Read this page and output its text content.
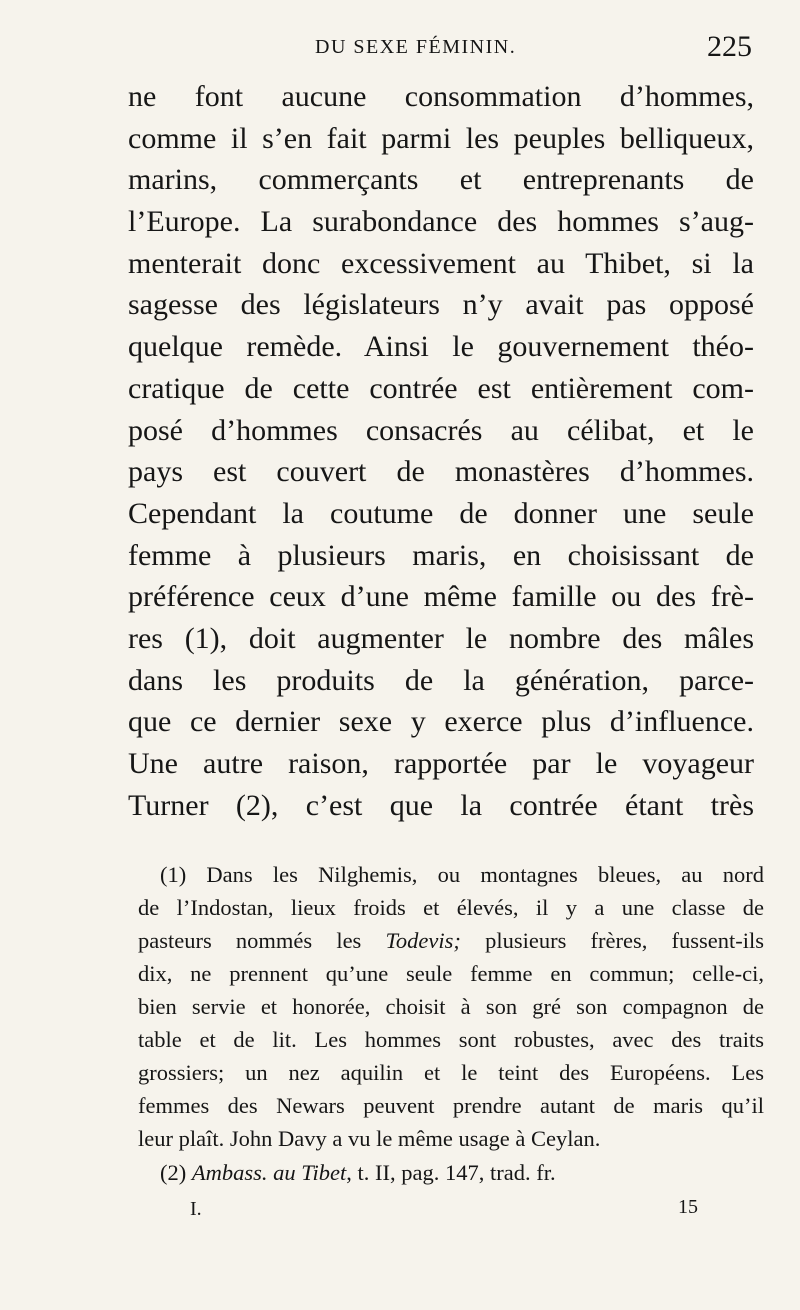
DU SEXE FÉMININ.	225
ne font aucune consommation d’hommes,
comme il s’en fait parmi les peuples belliqueux,
marins, commerçants et entreprenants de
l’Europe. La surabondance des hommes s’aug-
menterait donc excessivement au Thibet, si la
sagesse des législateurs n’y avait pas opposé
quelque remède. Ainsi le gouvernement théo-
cratique de cette contrée est entièrement com-
posé d’hommes consacrés au célibat, et le
pays est couvert de monastères d’hommes.
Cependant la coutume de donner une seule
femme à plusieurs maris, en choisissant de
préférence ceux d’une même famille ou des frè-
res (1), doit augmenter le nombre des mâles
dans les produits de la génération, parce-
que ce dernier sexe y exerce plus d’influence.
Une autre raison, rapportée par le voyageur
Turner (2), c’est que la contrée étant très
(1) Dans les Nilghemis, ou montagnes bleues, au nord
de l’Indostan, lieux froids et élevés, il y a une classe de
pasteurs nommés les Todevis; plusieurs frères, fussent-ils
dix, ne prennent qu’une seule femme en commun; celle-ci,
bien servie et honorée, choisit à son gré son compagnon de
table et de lit. Les hommes sont robustes, avec des traits
grossiers; un nez aquilin et le teint des Européens. Les
femmes des Newars peuvent prendre autant de maris qu’il
leur plaît. John Davy a vu le même usage à Ceylan.
(2) Ambass. au Tibet, t. II, pag. 147, trad. fr.
I.	15
